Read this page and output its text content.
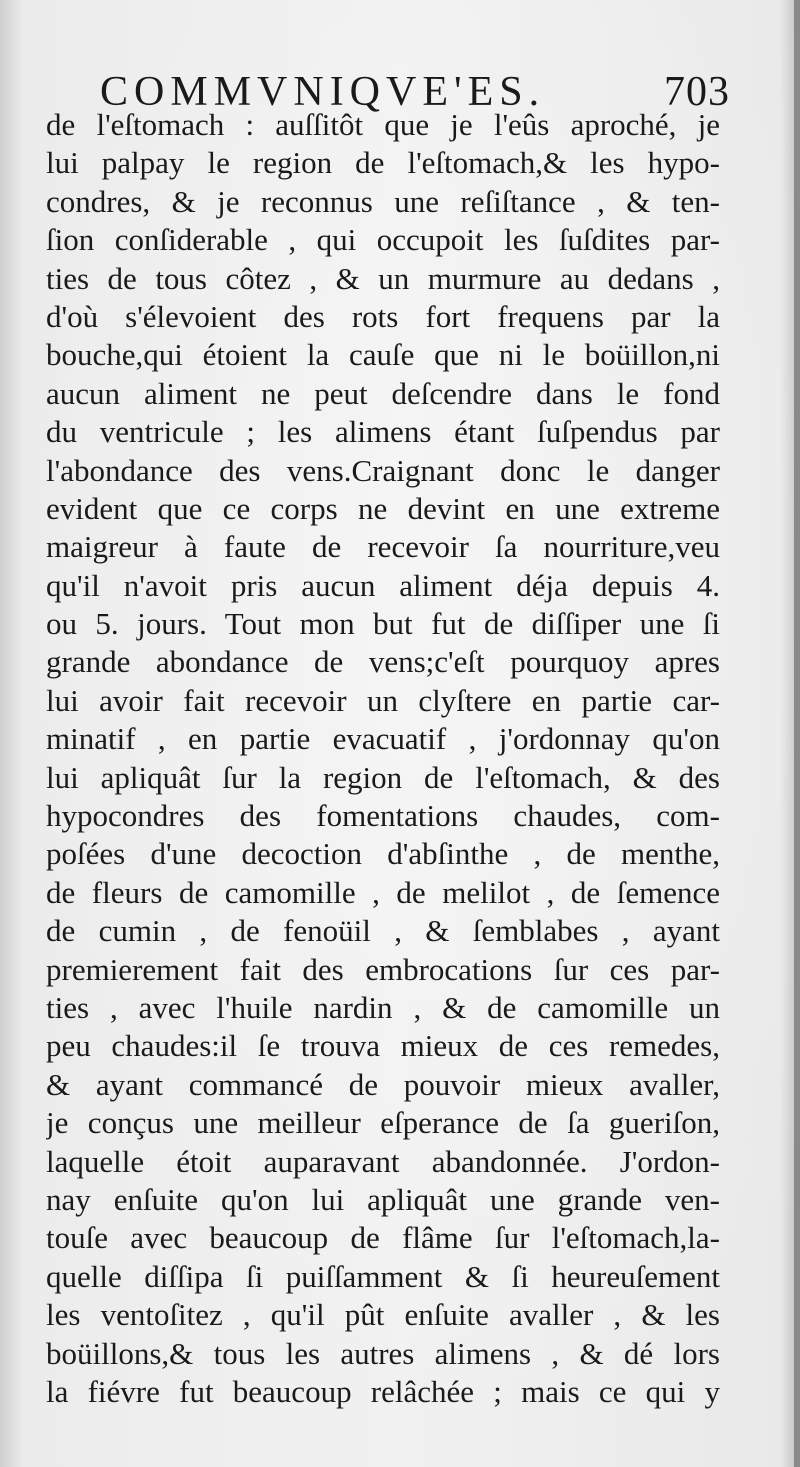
COMMVNIQVE'ES.	703
de l'eſtomach : auſſitôt que je l'eûs aproché, je
lui palpay le region de l'eſtomach,& les hypo-
condres, & je reconnus une reſiſtance , & ten-
ſion conſiderable , qui occupoit les ſuſdites par-
ties de tous côtez , & un murmure au dedans ,
d'où s'élevoient des rots fort frequens par la
bouche,qui étoient la cauſe que ni le boüillon,ni
aucun aliment ne peut deſcendre dans le fond
du ventricule ; les alimens étant ſuſpendus par
l'abondance des vens.Craignant donc le danger
evident que ce corps ne devint en une extreme
maigreur à faute de recevoir ſa nourriture,veu
qu'il n'avoit pris aucun aliment déja depuis 4.
ou 5. jours. Tout mon but fut de diſſiper une ſi
grande abondance de vens;c'eſt pourquoy apres
lui avoir fait recevoir un clyſtere en partie car-
minatif , en partie evacuatif , j'ordonnay qu'on
lui apliquât ſur la region de l'eſtomach, & des
hypocondres des fomentations chaudes, com-
poſées d'une decoction d'abſinthe , de menthe,
de fleurs de camomille , de melilot , de ſemence
de cumin , de fenoüil , & ſemblabes , ayant
premierement fait des embrocations ſur ces par-
ties , avec l'huile nardin , & de camomille un
peu chaudes:il ſe trouva mieux de ces remedes,
& ayant commancé de pouvoir mieux avaller,
je conçus une meilleur eſperance de ſa gueriſon,
laquelle étoit auparavant abandonnée. J'ordon-
nay enſuite qu'on lui apliquât une grande ven-
touſe avec beaucoup de flâme ſur l'eſtomach,la-
quelle diſſipa ſi puiſſamment & ſi heureuſement
les ventoſitez , qu'il pût enſuite avaller , & les
boüillons,& tous les autres alimens , & dé lors
la fiévre fut beaucoup relâchée ; mais ce qui y
